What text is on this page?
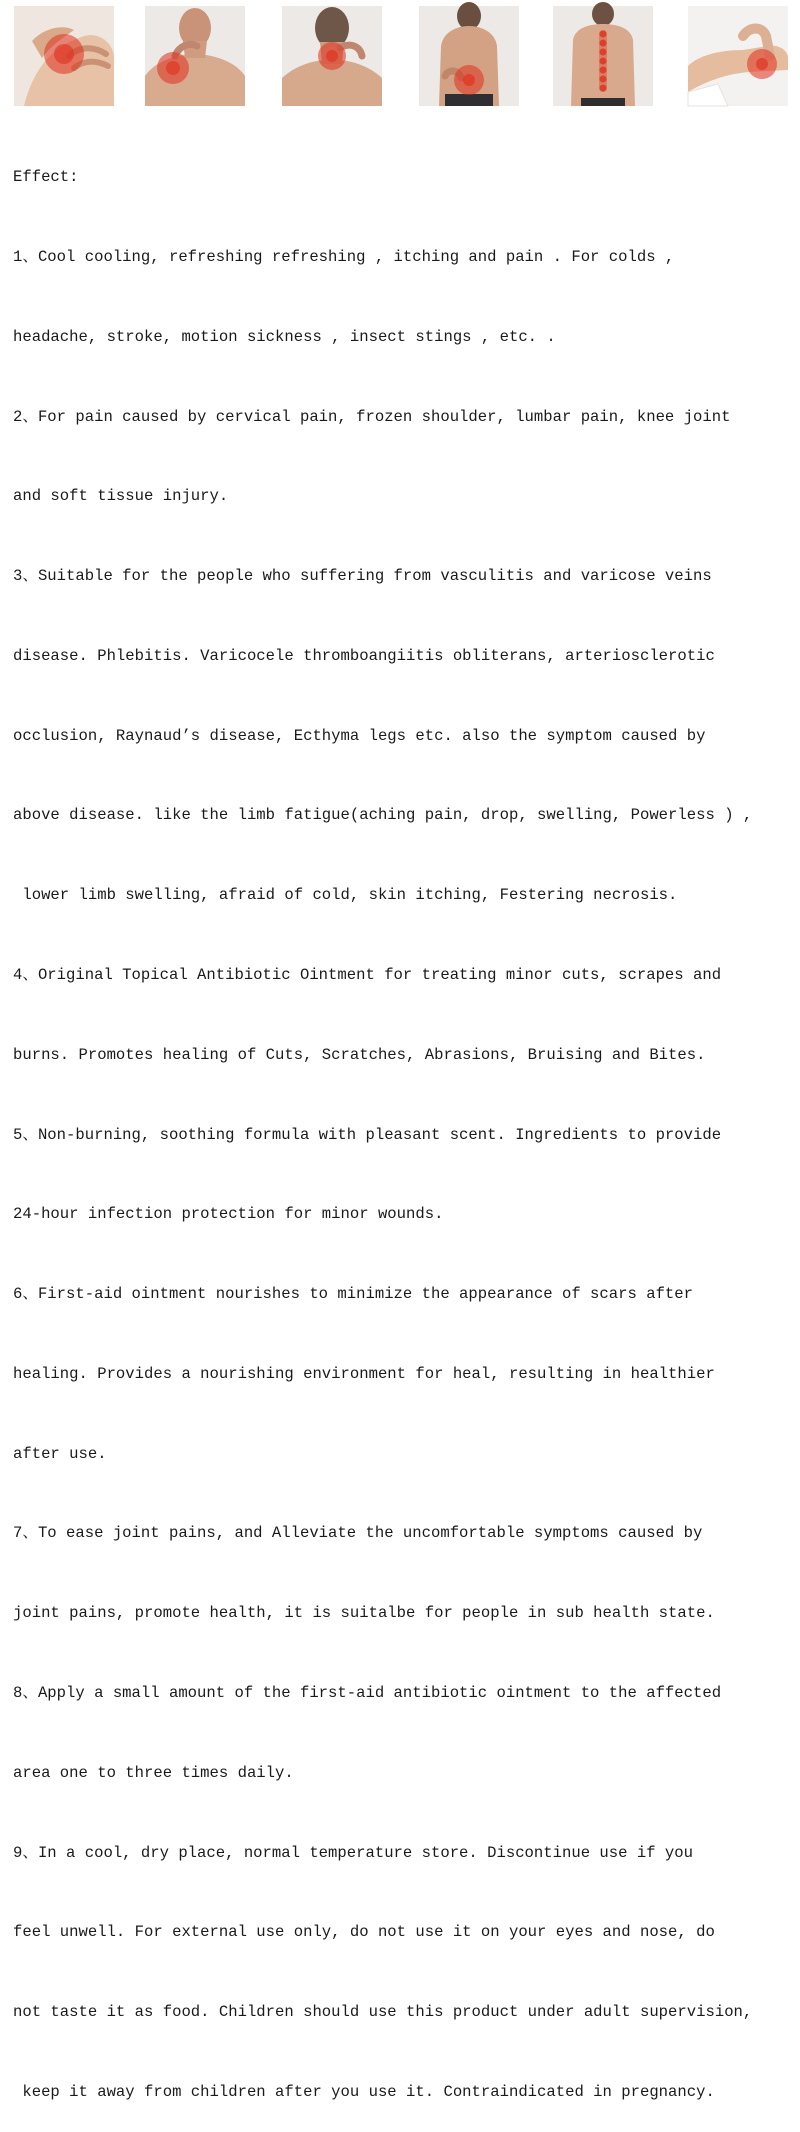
Effect:

1、Cool cooling, refreshing refreshing , itching and pain . For colds ,

headache, stroke, motion sickness , insect stings , etc. .

2、For pain caused by cervical pain, frozen shoulder, lumbar pain, knee joint

and soft tissue injury.

3、Suitable for the people who suffering from vasculitis and varicose veins

disease. Phlebitis. Varicocele thromboangiitis obliterans, arteriosclerotic

occlusion, Raynaud’s disease, Ecthyma legs etc. also the symptom caused by

above disease. like the limb fatigue(aching pain, drop, swelling, Powerless ) ,

lower limb swelling, afraid of cold, skin itching, Festering necrosis.

4、Original Topical Antibiotic Ointment for treating minor cuts, scrapes and

burns. Promotes healing of Cuts, Scratches, Abrasions, Bruising and Bites.

5、Non-burning, soothing formula with pleasant scent. Ingredients to provide

24-hour infection protection for minor wounds.

6、First-aid ointment nourishes to minimize the appearance of scars after

healing. Provides a nourishing environment for heal, resulting in healthier

after use.

7、To ease joint pains, and Alleviate the uncomfortable symptoms caused by

joint pains, promote health, it is suitalbe for people in sub health state.

8、Apply a small amount of the first-aid antibiotic ointment to the affected

area one to three times daily.

9、In a cool, dry place, normal temperature store. Discontinue use if you

feel unwell. For external use only, do not use it on your eyes and nose, do

not taste it as food. Children should use this product under adult supervision,

keep it away from children after you use it. Contraindicated in pregnancy.
